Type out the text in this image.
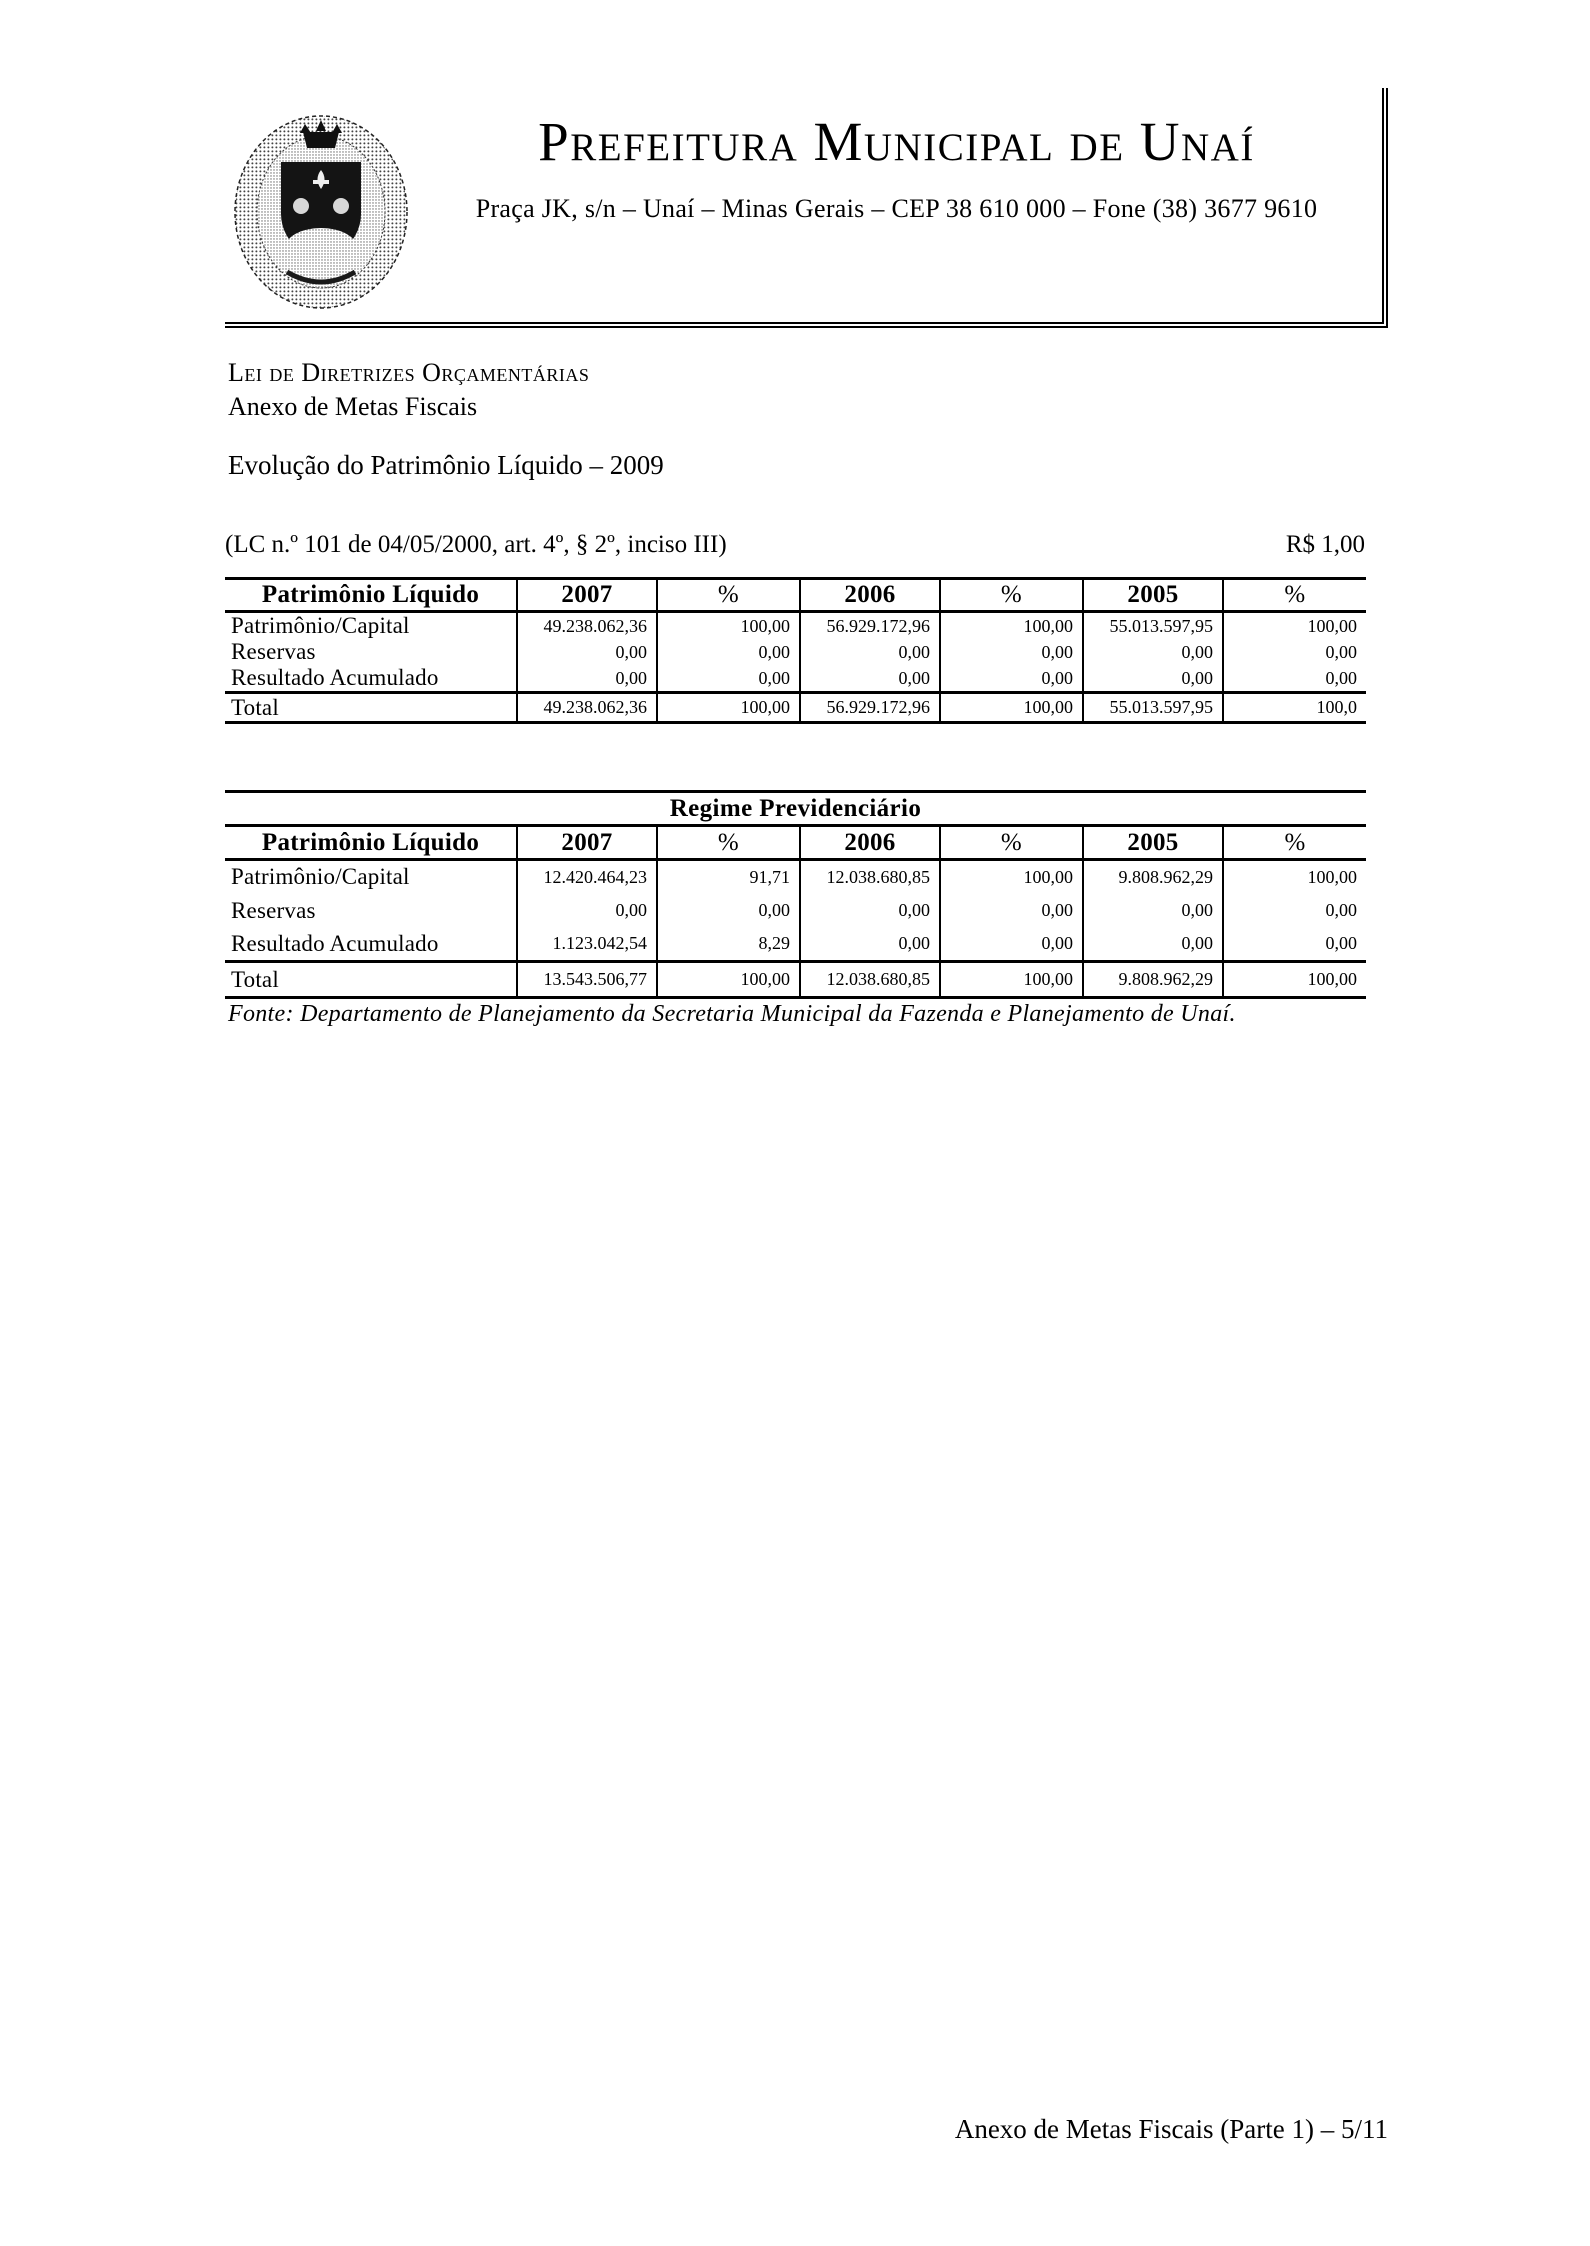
Prefeitura Municipal de Unaí
Praça JK, s/n – Unaí – Minas Gerais – CEP 38 610 000 – Fone (38) 3677 9610
Lei de Diretrizes Orçamentárias
Anexo de Metas Fiscais
Evolução do Patrimônio Líquido – 2009
(LC n.º 101 de 04/05/2000, art. 4º, § 2º, inciso III)	R$ 1,00
Patrimônio Líquido	2007	%	2006	%	2005	%
Patrimônio/Capital	49.238.062,36	100,00	56.929.172,96	100,00	55.013.597,95	100,00
Reservas	0,00	0,00	0,00	0,00	0,00	0,00
Resultado Acumulado	0,00	0,00	0,00	0,00	0,00	0,00
Total	49.238.062,36	100,00	56.929.172,96	100,00	55.013.597,95	100,0
Regime Previdenciário						
Patrimônio Líquido	2007	%	2006	%	2005	%
Patrimônio/Capital	12.420.464,23	91,71	12.038.680,85	100,00	9.808.962,29	100,00
Reservas	0,00	0,00	0,00	0,00	0,00	0,00
Resultado Acumulado	1.123.042,54	8,29	0,00	0,00	0,00	0,00
Total	13.543.506,77	100,00	12.038.680,85	100,00	9.808.962,29	100,00
Fonte: Departamento de Planejamento da Secretaria Municipal da Fazenda e Planejamento de Unaí.
Anexo de Metas Fiscais (Parte 1) – 5/11
